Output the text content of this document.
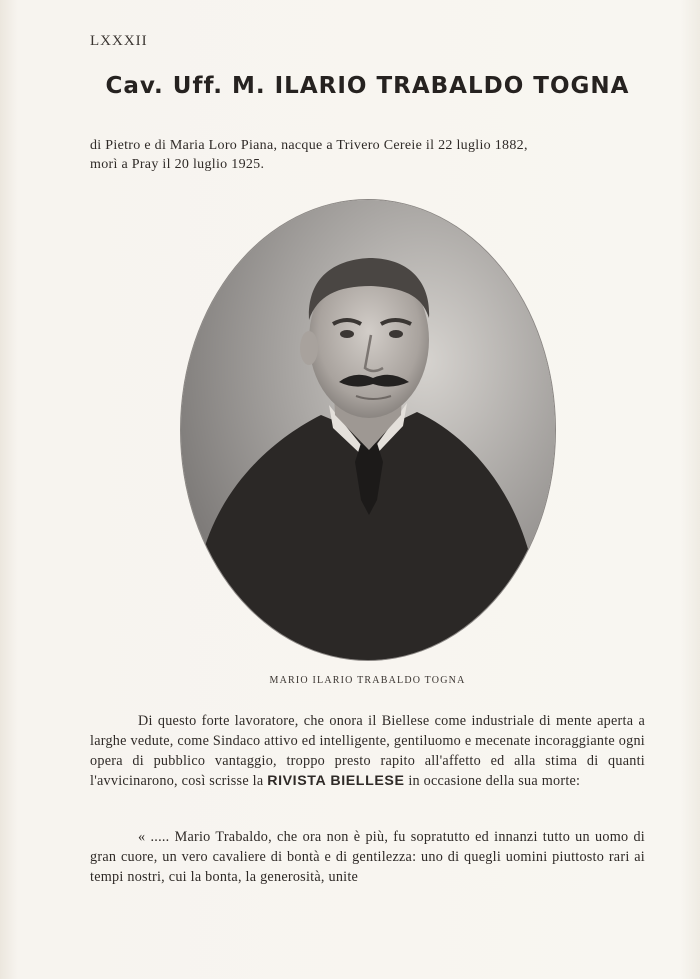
LXXXII
Cav. Uff. M. ILARIO TRABALDO TOGNA
di Pietro e di Maria Loro Piana, nacque a Trivero Cereie il 22 luglio 1882,
morì a Pray il 20 luglio 1925.
MARIO ILARIO TRABALDO TOGNA
Di questo forte lavoratore, che onora il Biellese come industriale di mente aperta a larghe vedute, come Sindaco attivo ed intelligente, gentiluomo e mecenate incoraggiante ogni opera di pubblico vantaggio, troppo presto rapito all'affetto ed alla stima di quanti l'avvicinarono, così scrisse la RIVISTA BIELLESE in occasione della sua morte:
« ..... Mario Trabaldo, che ora non è più, fu sopratutto ed innanzi tutto un uomo di gran cuore, un vero cavaliere di bontà e di gentilezza: uno di quegli uomini piuttosto rari ai tempi nostri, cui la bonta, la generosità, unite
